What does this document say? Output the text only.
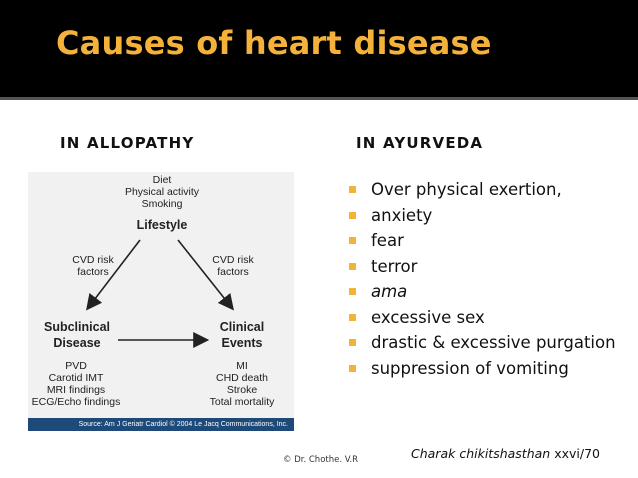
Causes of heart disease
IN ALLOPATHY	IN AYURVEDA
Diet
Physical activity
Smoking
Lifestyle
CVD risk
factors
CVD risk
factors
Subclinical
Disease
Clinical
Events
PVD
Carotid IMT
MRI findings
ECG/Echo findings
MI
CHD death
Stroke
Total mortality
Source: Am J Geriatr Cardiol © 2004 Le Jacq Communications, Inc.
Over physical exertion,
anxiety
fear
terror
ama
excessive sex
drastic & excessive purgation
suppression of vomiting
© Dr. Chothe. V.R	Charak chikitshasthan xxvi/70
